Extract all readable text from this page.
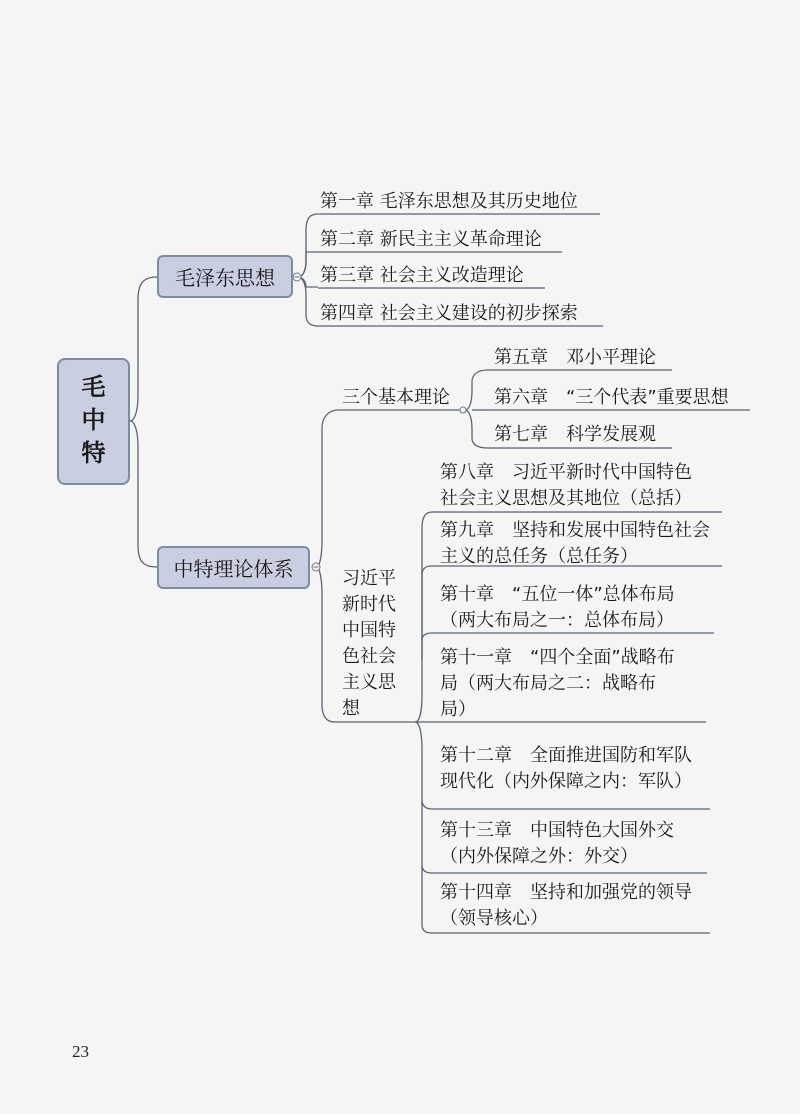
毛
中
特
毛泽东思想
第一章 毛泽东思想及其历史地位
第二章 新民主主义革命理论
第三章 社会主义改造理论
第四章 社会主义建设的初步探索
中特理论体系
三个基本理论
第五章　邓小平理论
第六章　“三个代表”重要思想
第七章　科学发展观
习近平
新时代
中国特
色社会
主义思
想
第八章　习近平新时代中国特色
社会主义思想及其地位（总括）
第九章　坚持和发展中国特色社会
主义的总任务（总任务）
第十章　“五位一体”总体布局
（两大布局之一：总体布局）
第十一章　“四个全面”战略布
局（两大布局之二：战略布
局）
第十二章　全面推进国防和军队
现代化（内外保障之内：军队）
第十三章　中国特色大国外交
（内外保障之外：外交）
第十四章　坚持和加强党的领导
（领导核心）
23
